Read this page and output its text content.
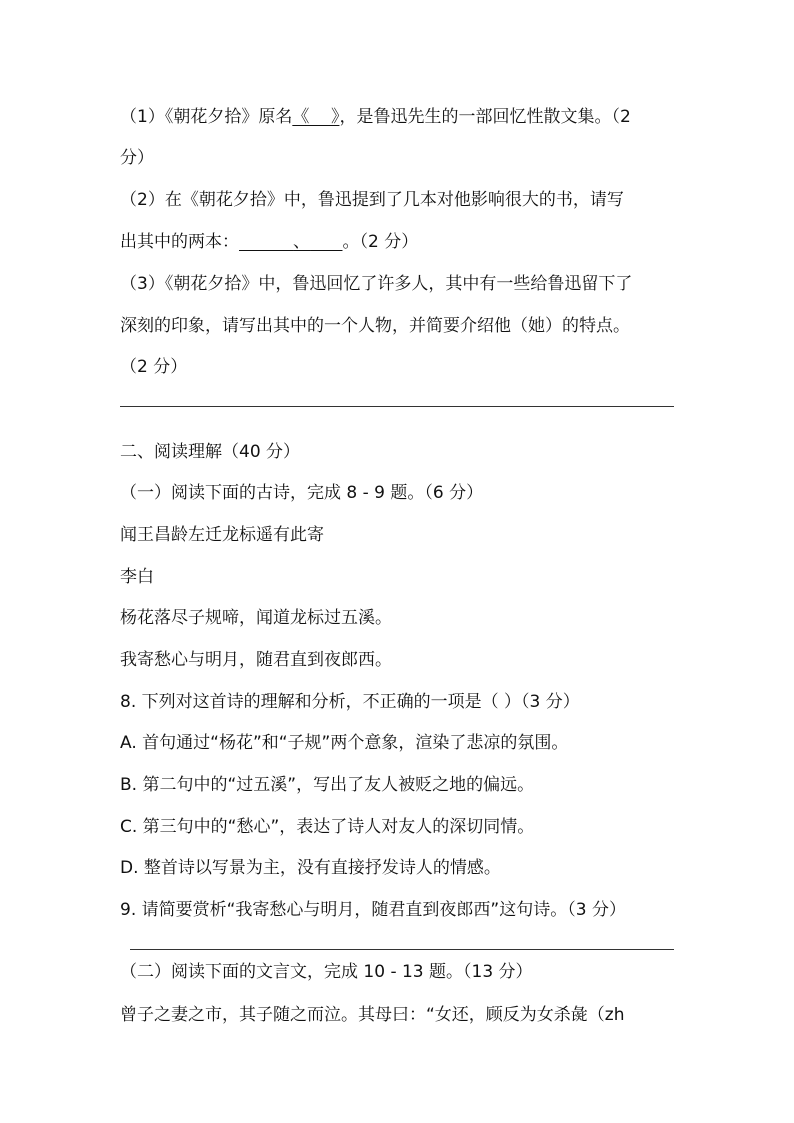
（1）《朝花夕拾》原名《    》，是鲁迅先生的一部回忆性散文集。（2
分）
（2）在《朝花夕拾》中，鲁迅提到了几本对他影响很大的书，请写
出其中的两本：	、 。（2 分）
（3）《朝花夕拾》中，鲁迅回忆了许多人，其中有一些给鲁迅留下了
深刻的印象，请写出其中的一个人物，并简要介绍他（她）的特点。
（2 分）
二、阅读理解（40 分）
（一）阅读下面的古诗，完成 8 - 9 题。（6 分）
闻王昌龄左迁龙标遥有此寄
李白
杨花落尽子规啼，闻道龙标过五溪。
我寄愁心与明月，随君直到夜郎西。
8. 下列对这首诗的理解和分析，不正确的一项是（ ）（3 分）
A. 首句通过“杨花”和“子规”两个意象，渲染了悲凉的氛围。
B. 第二句中的“过五溪”，写出了友人被贬之地的偏远。
C. 第三句中的“愁心”，表达了诗人对友人的深切同情。
D. 整首诗以写景为主，没有直接抒发诗人的情感。
9. 请简要赏析“我寄愁心与明月，随君直到夜郎西”这句诗。（3 分）
（二）阅读下面的文言文，完成 10 - 13 题。（13 分）
曾子之妻之市，其子随之而泣。其母曰：“女还，顾反为女杀彘（zh
